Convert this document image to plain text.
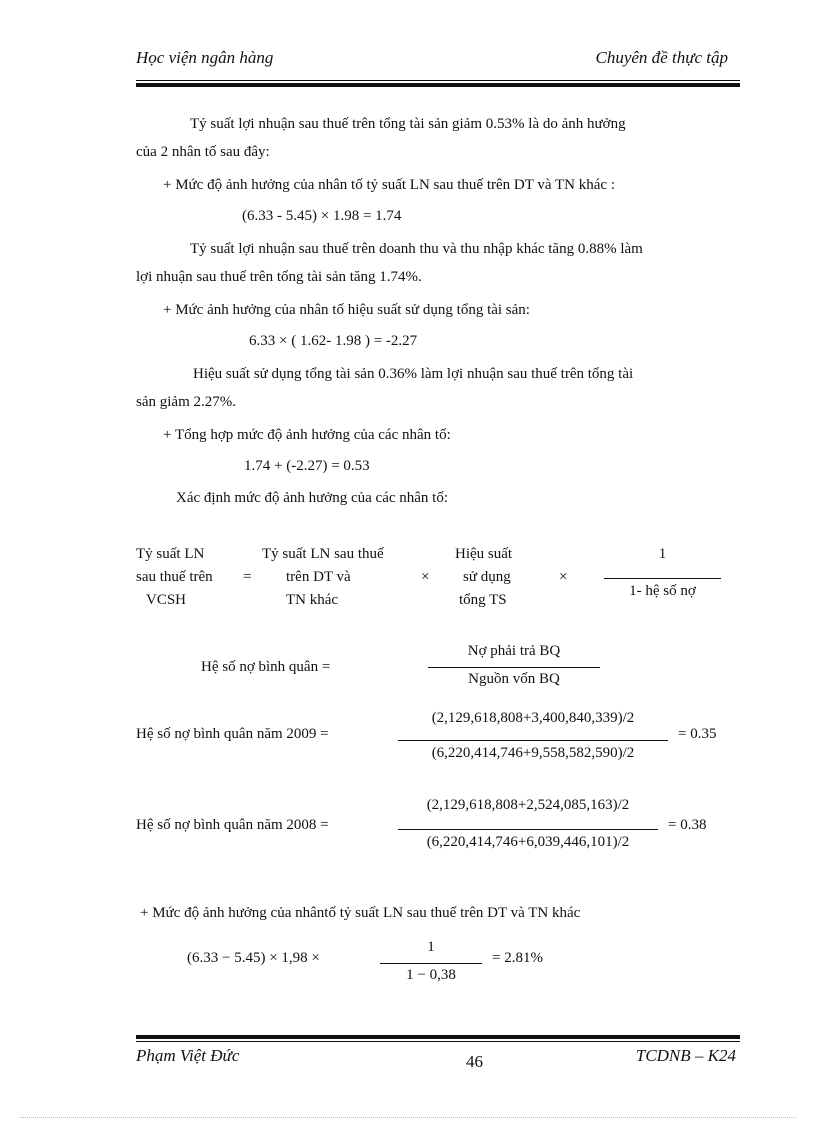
Học viện ngân hàng	Chuyên đề thực tập
Tỷ suất lợi nhuận sau thuế trên tổng tài sản giảm 0.53% là do ảnh hưởng
của 2 nhân tố sau đây:
+ Mức độ ảnh hưởng của nhân tố tỷ suất LN sau thuế trên DT và TN khác :
(6.33 - 5.45) × 1.98 = 1.74
Tỷ suất lợi nhuận sau thuế trên doanh thu và thu nhập khác tăng 0.88% làm
lợi nhuận sau thuế trên tổng tài sản tăng 1.74%.
+ Mức ảnh hưởng của nhân tố hiệu suất sử dụng tổng tài sản:
6.33 × ( 1.62- 1.98 ) = -2.27
Hiệu suất sử dụng tổng tài sản 0.36% làm lợi nhuận sau thuế trên tổng tài
sản giảm 2.27%.
+ Tổng hợp mức độ ảnh hưởng của các nhân tố:
1.74 + (-2.27) = 0.53
Xác định mức độ ảnh hưởng của các nhân tố:
Tỷ suất LN
sau thuế trên
VCSH
=
Tỷ suất LN sau thuế
trên DT và
TN khác
×
Hiệu suất
sử dụng
tổng TS
×
1
1- hệ số nợ
Hệ số nợ bình quân =
Nợ phải trả BQ
Nguồn vốn BQ
Hệ số nợ bình quân năm 2009 =
(2,129,618,808+3,400,840,339)/2
(6,220,414,746+9,558,582,590)/2
= 0.35
Hệ số nợ bình quân năm 2008 =
(2,129,618,808+2,524,085,163)/2
(6,220,414,746+6,039,446,101)/2
= 0.38
+ Mức độ ảnh hưởng của nhântố tỷ suất LN sau thuế trên DT và TN khác
(6.33 − 5.45) × 1,98 ×
1
1 − 0,38
= 2.81%
Phạm Việt Đức	46	TCDNB – K24
